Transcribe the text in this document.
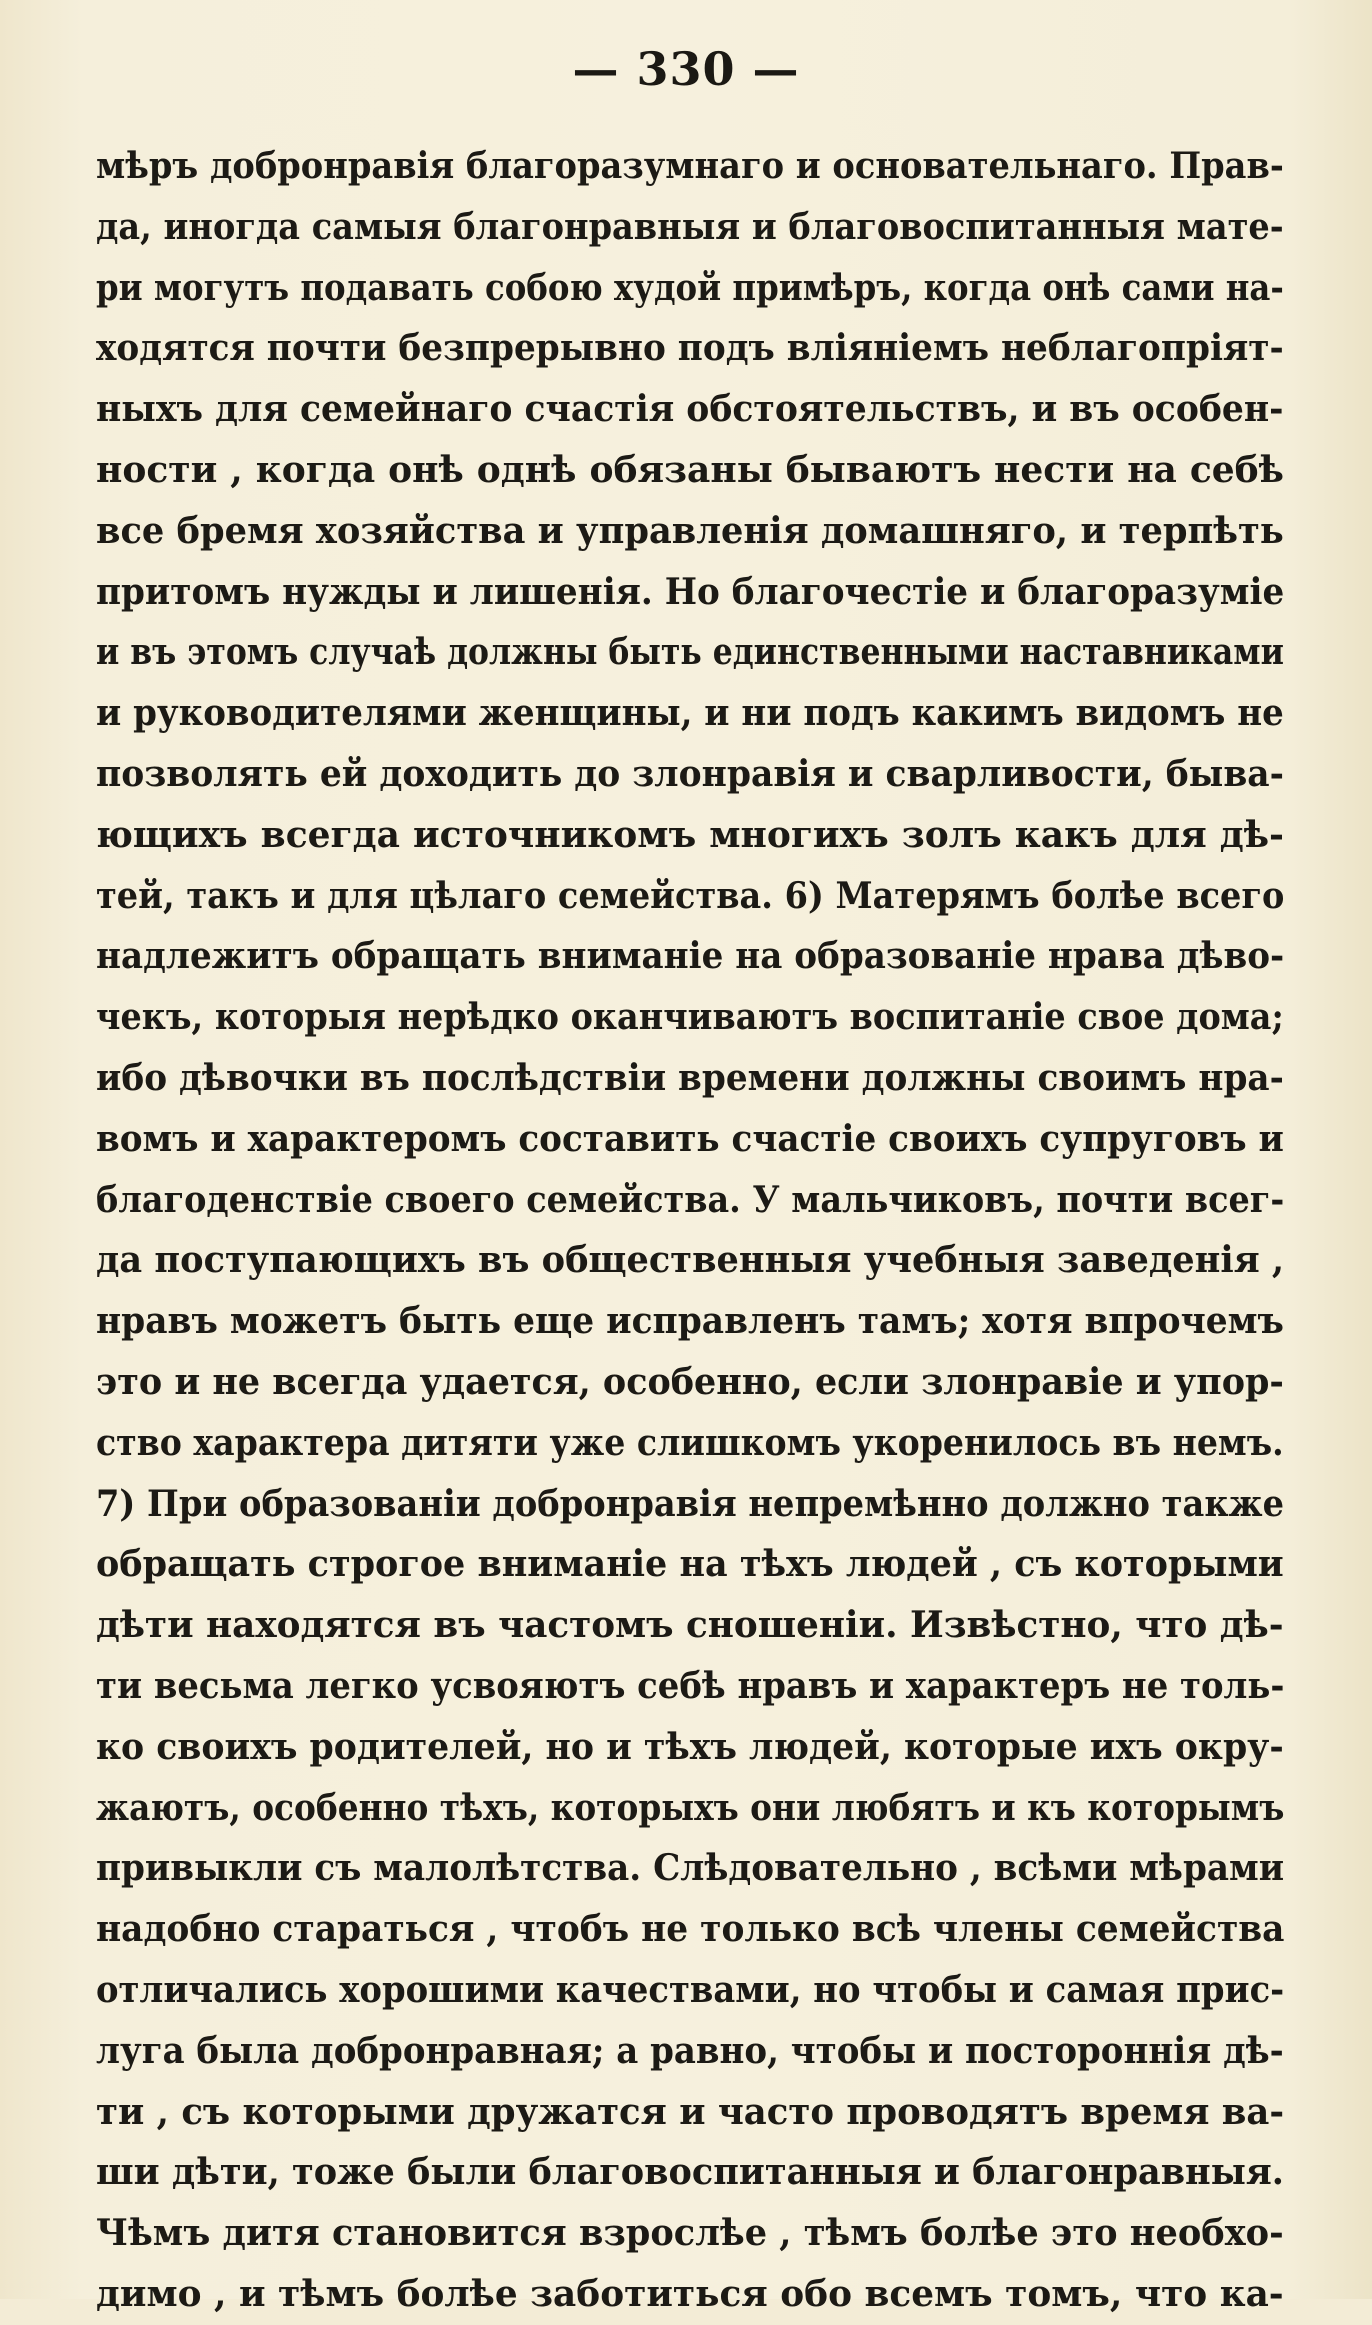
— 330 —
мѣръ добронравія благоразумнаго и основательнаго. Прав-
да, иногда самыя благонравныя и благовоспитанныя мате-
ри могутъ подавать собою худой примѣръ, когда онѣ сами на-
ходятся почти безпрерывно подъ вліяніемъ неблагопріят-
ныхъ для семейнаго счастія обстоятельствъ, и въ особен-
ности , когда онѣ однѣ обязаны бываютъ нести на себѣ
все бремя хозяйства и управленія домашняго, и терпѣть
притомъ нужды и лишенія. Но благочестіе и благоразуміе
и въ этомъ случаѣ должны быть единственными наставниками
и руководителями женщины, и ни подъ какимъ видомъ не
позволять ей доходить до злонравія и сварливости, быва-
ющихъ всегда источникомъ многихъ золъ какъ для дѣ-
тей, такъ и для цѣлаго семейства. 6) Матерямъ болѣе всего
надлежитъ обращать вниманіе на образованіе нрава дѣво-
чекъ, которыя нерѣдко оканчиваютъ воспитаніе свое дома;
ибо дѣвочки въ послѣдствіи времени должны своимъ нра-
вомъ и характеромъ составить счастіе своихъ супруговъ и
благоденствіе своего семейства. У мальчиковъ, почти всег-
да поступающихъ въ общественныя учебныя заведенія ,
нравъ можетъ быть еще исправленъ тамъ; хотя впрочемъ
это и не всегда удается, особенно, если злонравіе и упор-
ство характера дитяти уже слишкомъ укоренилось въ немъ.
7) При образованіи добронравія непремѣнно должно также
обращать строгое вниманіе на тѣхъ людей , съ которыми
дѣти находятся въ частомъ сношеніи. Извѣстно, что дѣ-
ти весьма легко усвояютъ себѣ нравъ и характеръ не толь-
ко своихъ родителей, но и тѣхъ людей, которые ихъ окру-
жаютъ, особенно тѣхъ, которыхъ они любятъ и къ которымъ
привыкли съ малолѣтства. Слѣдовательно , всѣми мѣрами
надобно стараться , чтобъ не только всѣ члены семейства
отличались хорошими качествами, но чтобы и самая прис-
луга была добронравная; а равно, чтобы и постороннія дѣ-
ти , съ которыми дружатся и часто проводятъ время ва-
ши дѣти, тоже были благовоспитанныя и благонравныя.
Чѣмъ дитя становится взрослѣе , тѣмъ болѣе это необхо-
димо , и тѣмъ болѣе заботиться обо всемъ томъ, что ка-
